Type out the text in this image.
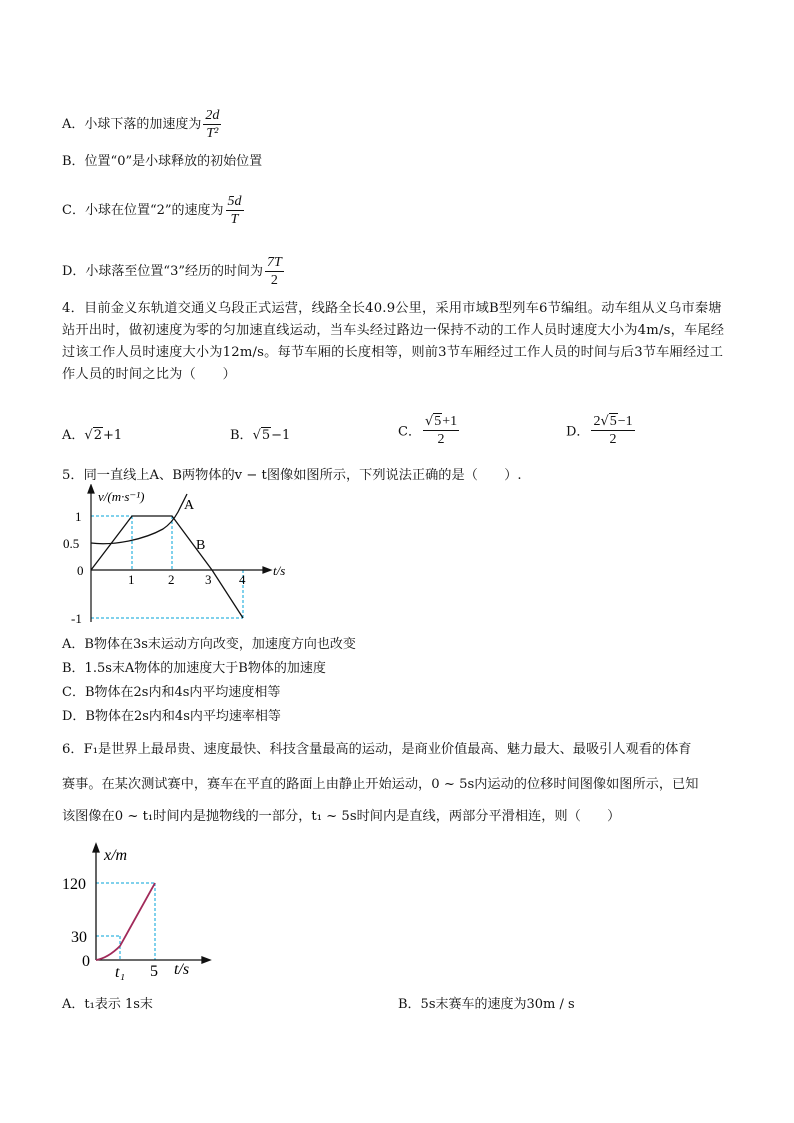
A．小球下落的加速度为 $\frac{2d}{\text{T²}}$
B．位置“0”是小球释放的初始位置
C．小球在位置“2”的速度为 $\frac{5d}{T}$
D．小球落至位置“3”经历的时间为 $\frac{7T}{2}$
4．目前金义东轨道交通义乌段正式运营，线路全长40.9公里，采用市域B型列车6节编组。动车组从义乌市秦塘站开出时，做初速度为零的匀加速直线运动，当车头经过路边一保持不动的工作人员时速度大小为4m/s，车尾经过该工作人员时速度大小为12m/s。每节车厢的长度相等，则前3节车厢经过工作人员的时间与后3节车厢经过工作人员的时间之比为（　　）
A．√2+1	B．√5−1	C． $\frac{√5+1}{2}$	D． $\frac{2√5-1}{2}$
5．同一直线上A、B两物体的v − t图像如图所示，下列说法正确的是（　　）.
v/(m·s⁻¹)
t/s
A
B
1
0.5
0
-1
1	2 3 4
A．B物体在3s末运动方向改变，加速度方向也改变
B．1.5s末A物体的加速度大于B物体的加速度
C．B物体在2s内和4s内平均速度相等
D．B物体在2s内和4s内平均速率相等
6．F₁是世界上最昂贵、速度最快、科技含量最高的运动，是商业价值最高、魅力最大、最吸引人观看的体育
赛事。在某次测试赛中，赛车在平直的路面上由静止开始运动，0 ~ 5s内运动的位移时间图像如图所示，已知
该图像在0 ~ t₁时间内是抛物线的一部分，t₁ ~ 5s时间内是直线，两部分平滑相连，则（　　）
x/m
t/s
120
30
0
t₁ 5
A．t₁表示 1s末	B．5s末赛车的速度为30m / s
